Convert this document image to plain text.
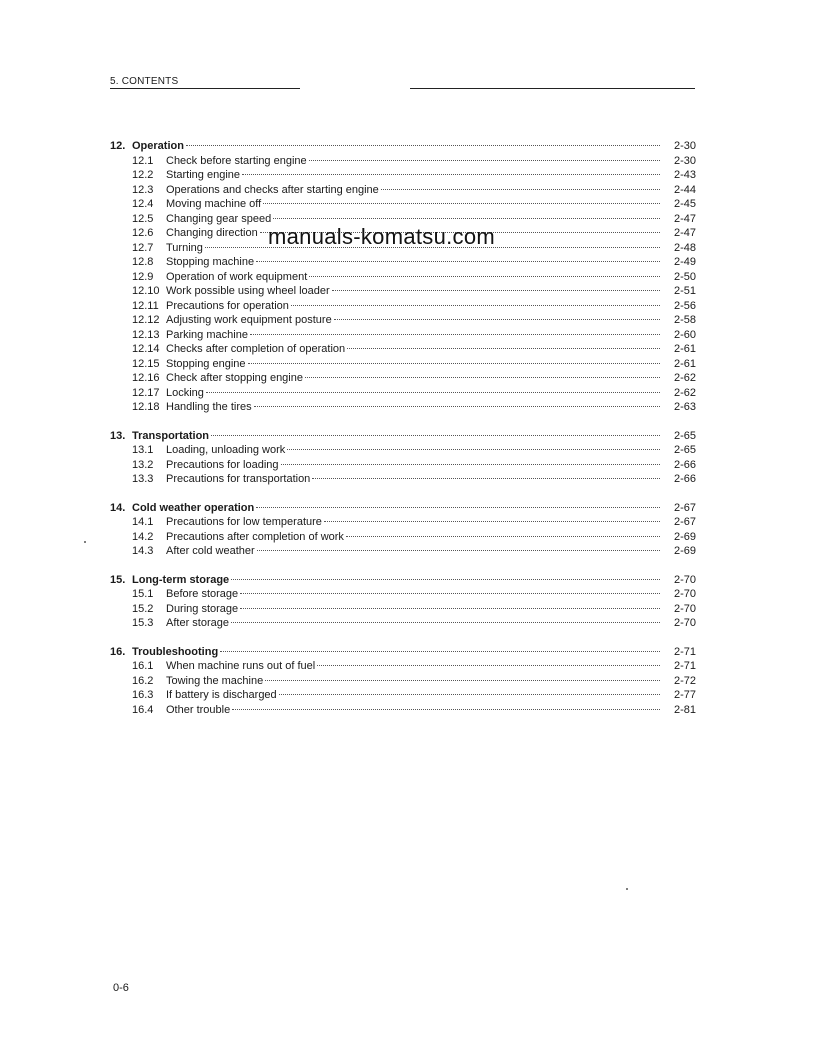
5. CONTENTS
12. Operation	2-30
12.1	Check before starting engine	2-30
12.2	Starting engine	2-43
12.3	Operations and checks after starting engine	2-44
12.4	Moving machine off	2-45
12.5	Changing gear speed	2-47
12.6	Changing direction	2-47
12.7	Turning	2-48
12.8	Stopping machine	2-49
12.9	Operation of work equipment	2-50
12.10 Work possible using wheel loader	2-51
12.11 Precautions for operation	2-56
12.12 Adjusting work equipment posture	2-58
12.13 Parking machine	2-60
12.14 Checks after completion of operation	2-61
12.15 Stopping engine	2-61
12.16 Check after stopping engine	2-62
12.17 Locking	2-62
12.18 Handling the tires	2-63
13. Transportation	2-65
13.1	Loading, unloading work	2-65
13.2	Precautions for loading	2-66
13.3	Precautions for transportation	2-66
14. Cold weather operation	2-67
14.1	Precautions for low temperature	2-67
14.2	Precautions after completion of work	2-69
14.3	After cold weather	2-69
15. Long-term storage	2-70
15.1	Before storage	2-70
15.2	During storage	2-70
15.3	After storage	2-70
16. Troubleshooting	2-71
16.1	When machine runs out of fuel	2-71
16.2	Towing the machine	2-72
16.3	If battery is discharged	2-77
16.4	Other trouble	2-81
manuals-komatsu.com
0-6
